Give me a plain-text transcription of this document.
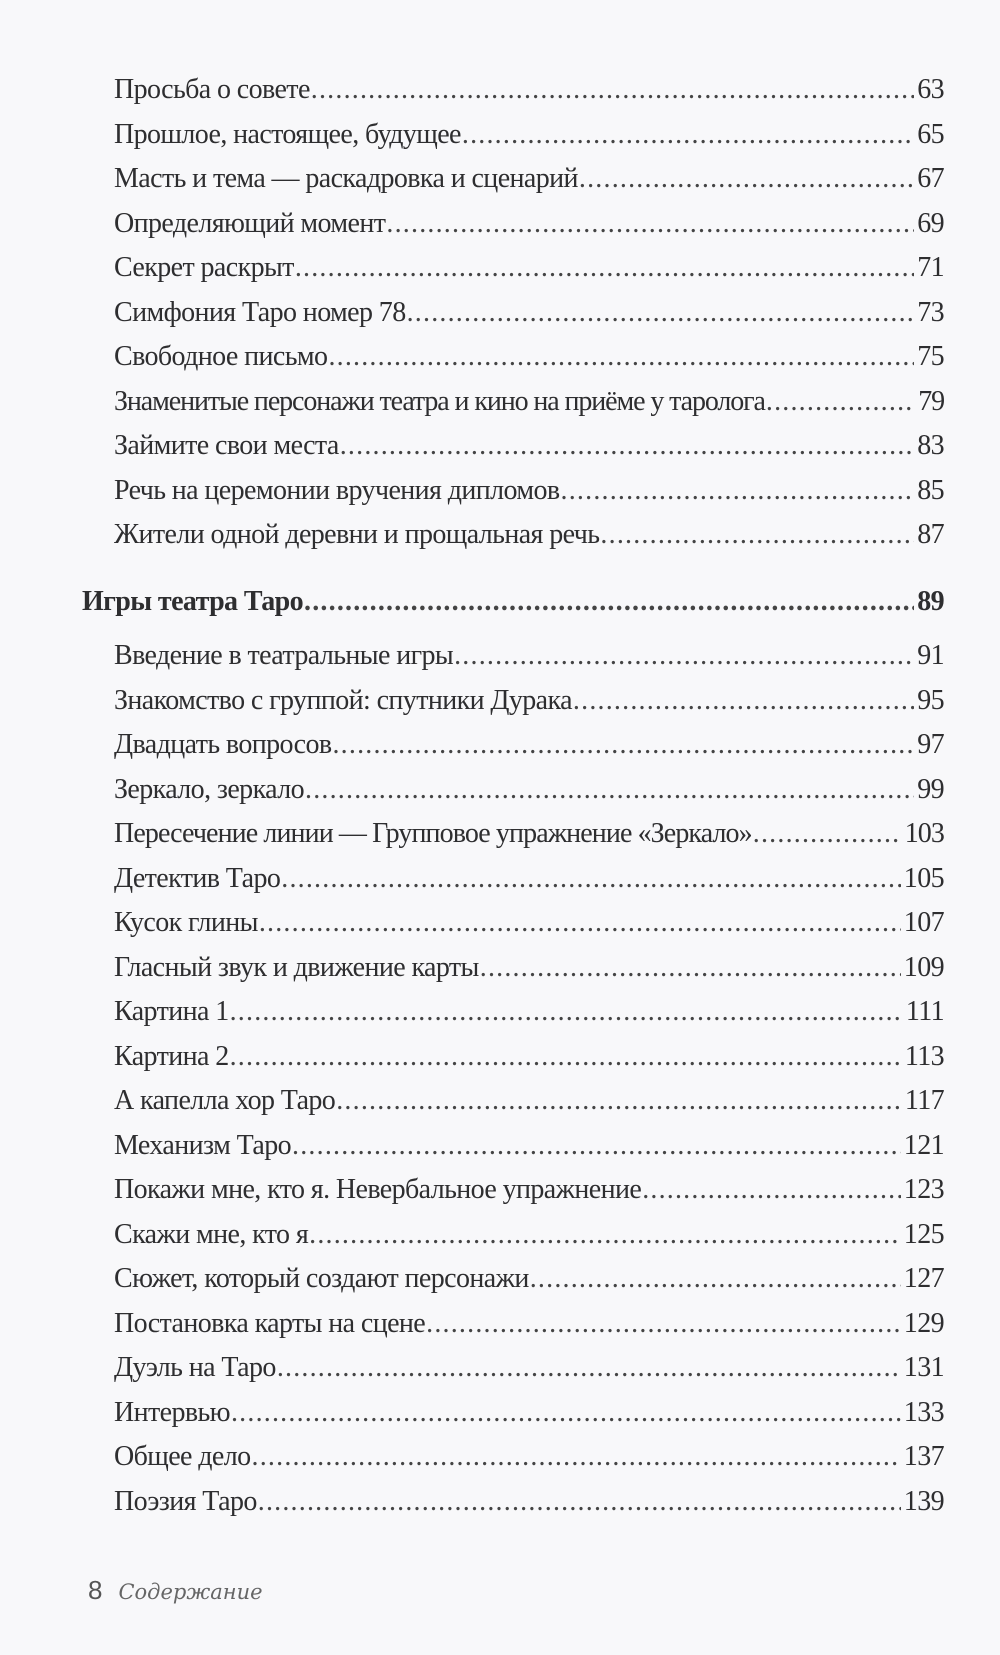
Просьба о совете .....	63
Прошлое, настоящее, будущее .....	65
Масть и тема — раскадровка и сценарий .....	67
Определяющий момент .....	69
Секрет раскрыт .....	71
Симфония Таро номер 78 .....	73
Свободное письмо .....	75
Знаменитые персонажи театра и кино на приёме у таролога .....	79
Займите свои места .....	83
Речь на церемонии вручения дипломов .....	85
Жители одной деревни и прощальная речь .....	87
Игры театра Таро .....	89
Введение в театральные игры .....	91
Знакомство с группой: спутники Дурака .....	95
Двадцать вопросов .....	97
Зеркало, зеркало .....	99
Пересечение линии — Групповое упражнение «Зеркало» .....	103
Детектив Таро .....	105
Кусок глины .....	107
Гласный звук и движение карты .....	109
Картина 1 .....	111
Картина 2 .....	113
А капелла хор Таро .....	117
Механизм Таро .....	121
Покажи мне, кто я. Невербальное упражнение .....	123
Скажи мне, кто я .....	125
Сюжет, который создают персонажи .....	127
Постановка карты на сцене .....	129
Дуэль на Таро .....	131
Интервью .....	133
Общее дело .....	137
Поэзия Таро .....	139
8 Содержание
